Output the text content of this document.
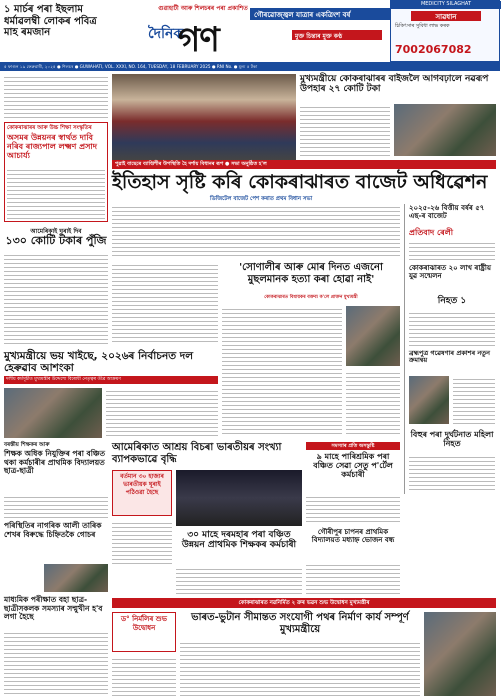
১ মাৰ্চৰ পৰা ইছলাম ধৰ্মাৱলম্বী লোকৰ পবিত্ৰ মাহ ৰমজান
গুৱাহাটী আৰু শিলচৰৰ পৰা প্ৰকাশিত
গৌৰৱোজ্জ্বল যাত্ৰাৰ একত্ৰিংশ বৰ্ষ
দৈনিক
গণ	মুক্ত চিন্তাৰ মুক্ত কণ্ঠ
MEDICITY SILAGHAT
সাৱধান
চিকিৎসাৰ সুবিধা লাভ কৰক
7002067082
৫ ফাগুন ১৯ ফেব্ৰুৱাৰী, ২০২৫ ● শিলচৰ ● GUWAHATI, VOL. XXXI, NO. 164, TUESDAY, 18 FEBRUARY 2025 ● RNI No. ● মূল্য ৫ টকা
কোকৰাঝাৰৰ আৰু উচ্চ শিক্ষা সংস্কৃতিৰ
অসমৰ উন্নয়নৰ স্বাৰ্থত দাবি নৰিব ৰাজ্যপাল লক্ষ্মণ প্ৰসাদ আচাৰ্য্য
আমেৰিকাই ঘূৰাই দিব
১৩০ কোটি টকাৰ পুঁজি
মুখ্যমন্ত্ৰীয়ে কোকৰাঝাৰৰ বাইজলৈ আগবঢ়ালে নৱৰূপ উপহাৰ ২৭ কোটি টকা
পুৱাই বাছেৰে ব্যাপ্তিশীৰ উপস্থিতি হৈ দৰ্শায় বিধানৰ ৰূপ ● সভা অনুষ্ঠিত হ'ল
ইতিহাস সৃষ্টি কৰি কোকৰাঝাৰত বাজেট অধিৱেশন
ডিজিটেল বাজেট পেশ কৰাত প্ৰথম বিধান সভা
২০২৫-২৬ বিত্তীয় বৰ্ষৰ ৫৭ এছ-ৰ বাজেট
প্ৰতিবাদ ৰেলী
কোকৰাঝাৰত ২০ লাখ ৰাষ্ট্ৰীয় যুৱ সন্মেলন
নিহত ১
ব্ৰহ্মপুত্ৰ গৱেষণাৰ প্ৰকাশৰ নতুন ক্ৰমান্বয়
বিহুৰ পৰা দুৰ্ঘটনাত মহিলা নিহত
মুখ্যমন্ত্ৰীয়ে ভয় খাইছে, ২০২৬ৰ নিৰ্বাচনত দল হেৰুৱাব আশংকা
দলীয় কৰ্মসূচীত মুখ্যমন্ত্ৰীৰ উদ্দেশ্যে বিৰোধী নেতৃত্বৰ তীব্ৰ আক্ৰমণ
'সোণালীৰ আৰু মোৰ দিনত এজনো মুছলমানক হত্যা কৰা হোৱা নাই'
কোকৰাঝাৰত বিধায়কৰ বক্তব্য ক'লে প্ৰাক্তন মুখ্যমন্ত্ৰী
বৰস্তীয় শিক্ষকৰ আৰু
শিক্ষক অধিক নিযুক্তিৰ পৰা বঞ্চিত থকা কৰ্মচাৰীৰ প্ৰাথমিক বিদ্যালয়ত ছাত্ৰ-ছাত্ৰী
পৰিস্থিতিৰ নাগৰিক আলী তাৰিক শেখৰ বিৰুদ্ধে চিহ্নিতকৈ গোচৰ
আমেৰিকাত আশ্ৰয় বিচৰা ভাৰতীয়ৰ সংখ্যা ব্যাপকভাৱে বৃদ্ধি
বৰ্তমান ৩০ হাজাৰ ভাৰতীয়ক ঘূৰাই পঠিওৱা হৈছে
সমস্যাৰ প্ৰতি অসন্তুষ্টি
৯ মাহে পাৰিশ্ৰমিক পৰা বঞ্চিত সেৱা সেতু প'ৰ্টেল কৰ্মচাৰী
গৌৰীপুৰ চাপনৰ প্ৰাথমিক বিদ্যালয়ত মধ্যাহ্ন ভোজন বন্ধ
৩০ মাহে দৰমহাৰ পৰা বঞ্চিত উন্নয়ন প্ৰাথমিক শিক্ষকৰ কৰ্মচাৰী
মাধ্যমিক পৰীক্ষাত বহা ছাত্ৰ-ছাত্ৰীসকলক সমস্যাৰ সন্মুখীন হ'ব লগা হৈছে
কোকৰাঝাৰত নৱনিৰ্মিত ২ ক্ৰৰ ভৱন শুভ উদ্বোধন মুখ্যমন্ত্ৰীৰ
ভাৰত-ভুটান সীমান্তত সংযোগী পথৰ নিৰ্মাণ কাৰ্য সম্পূৰ্ণ মুখ্যমন্ত্ৰীয়ে
ড° নিৰ্মলিৰ শুভ উদ্বোধন
